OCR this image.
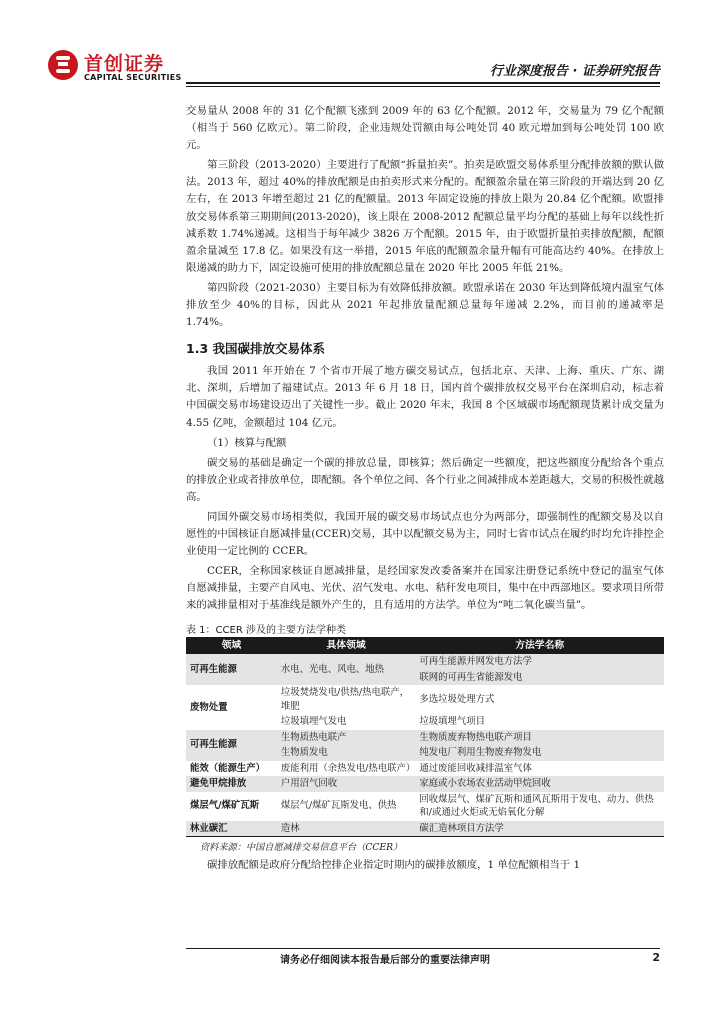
首创证券
CAPITAL SECURITIES	行业深度报告 · 证券研究报告

交易量从 2008 年的 31 亿个配额飞涨到 2009 年的 63 亿个配额。2012 年，交易量为 79 亿个配额（相当于 560 亿欧元）。第二阶段，企业违规处罚额由每公吨处罚 40 欧元增加到每公吨处罚 100 欧元。

第三阶段（2013-2020）主要进行了配额“拆量拍卖”。拍卖是欧盟交易体系里分配排放额的默认做法。2013 年，超过 40%的排放配额是由拍卖形式来分配的。配额盈余量在第三阶段的开端达到 20 亿左右，在 2013 年增至超过 21 亿的配额量。2013 年固定设施的排放上限为 20.84 亿个配额。欧盟排放交易体系第三期期间(2013-2020)，该上限在 2008-2012 配额总量平均分配的基础上每年以线性折减系数 1.74%递减。这相当于每年减少 3826 万个配额。2015 年，由于欧盟折量拍卖排放配额，配额盈余量减至 17.8 亿。如果没有这一举措，2015 年底的配额盈余量升幅有可能高达约 40%。在排放上限递减的助力下，固定设施可使用的排放配额总量在 2020 年比 2005 年低 21%。

第四阶段（2021-2030）主要目标为有效降低排放额。欧盟承诺在 2030 年达到降低境内温室气体排放至少 40%的目标，因此从 2021 年起排放量配额总量每年递减 2.2%，而目前的递减率是 1.74%。

1.3 我国碳排放交易体系

我国 2011 年开始在 7 个省市开展了地方碳交易试点，包括北京、天津、上海、重庆、广东、湖北、深圳，后增加了福建试点。2013 年 6 月 18 日，国内首个碳排放权交易平台在深圳启动，标志着中国碳交易市场建设迈出了关键性一步。截止 2020 年末，我国 8 个区域碳市场配额现货累计成交量为 4.55 亿吨，金额超过 104 亿元。

（1）核算与配额

碳交易的基础是确定一个碳的排放总量，即核算；然后确定一些额度，把这些额度分配给各个重点的排放企业或者排放单位，即配额。各个单位之间、各个行业之间减排成本差距越大，交易的积极性就越高。

同国外碳交易市场相类似，我国开展的碳交易市场试点也分为两部分，即强制性的配额交易及以自愿性的中国核证自愿减排量(CCER)交易，其中以配额交易为主，同时七省市试点在履约时均允许排控企业使用一定比例的 CCER。

CCER，全称国家核证自愿减排量，是经国家发改委备案并在国家注册登记系统中登记的温室气体自愿减排量，主要产自风电、光伏、沼气发电、水电、秸秆发电项目，集中在中西部地区。要求项目所带来的减排量相对于基准线是额外产生的，且有适用的方法学。单位为“吨二氧化碳当量”。

表 1：CCER 涉及的主要方法学种类
领域	具体领域	方法学名称
可再生能源	水电、光电、风电、地热	可再生能源并网发电方法学
		联网的可再生省能源发电
废物处置	垃圾焚烧发电/供热/热电联产，堆肥	多选垃圾处理方式
	垃圾填埋气发电	垃圾填埋气项目
可再生能源	生物质热电联产	生物质废弃物热电联产项目
	生物质发电	纯发电厂利用生物废弃物发电
能效（能源生产）	废能利用（余热发电/热电联产）	通过废能回收减排温室气体
避免甲烷排放	户用沼气回收	家庭或小农场农业活动甲烷回收
煤层气/煤矿瓦斯	煤层气/煤矿瓦斯发电、供热	回收煤层气、煤矿瓦斯和通风瓦斯用于发电、动力、供热和/或通过火炬或无焰氧化分解
林业碳汇	造林	碳汇造林项目方法学
资料来源：中国自愿减排交易信息平台（CCER）

碳排放配额是政府分配给控排企业指定时期内的碳排放额度，1 单位配额相当于 1

请务必仔细阅读本报告最后部分的重要法律声明	2
